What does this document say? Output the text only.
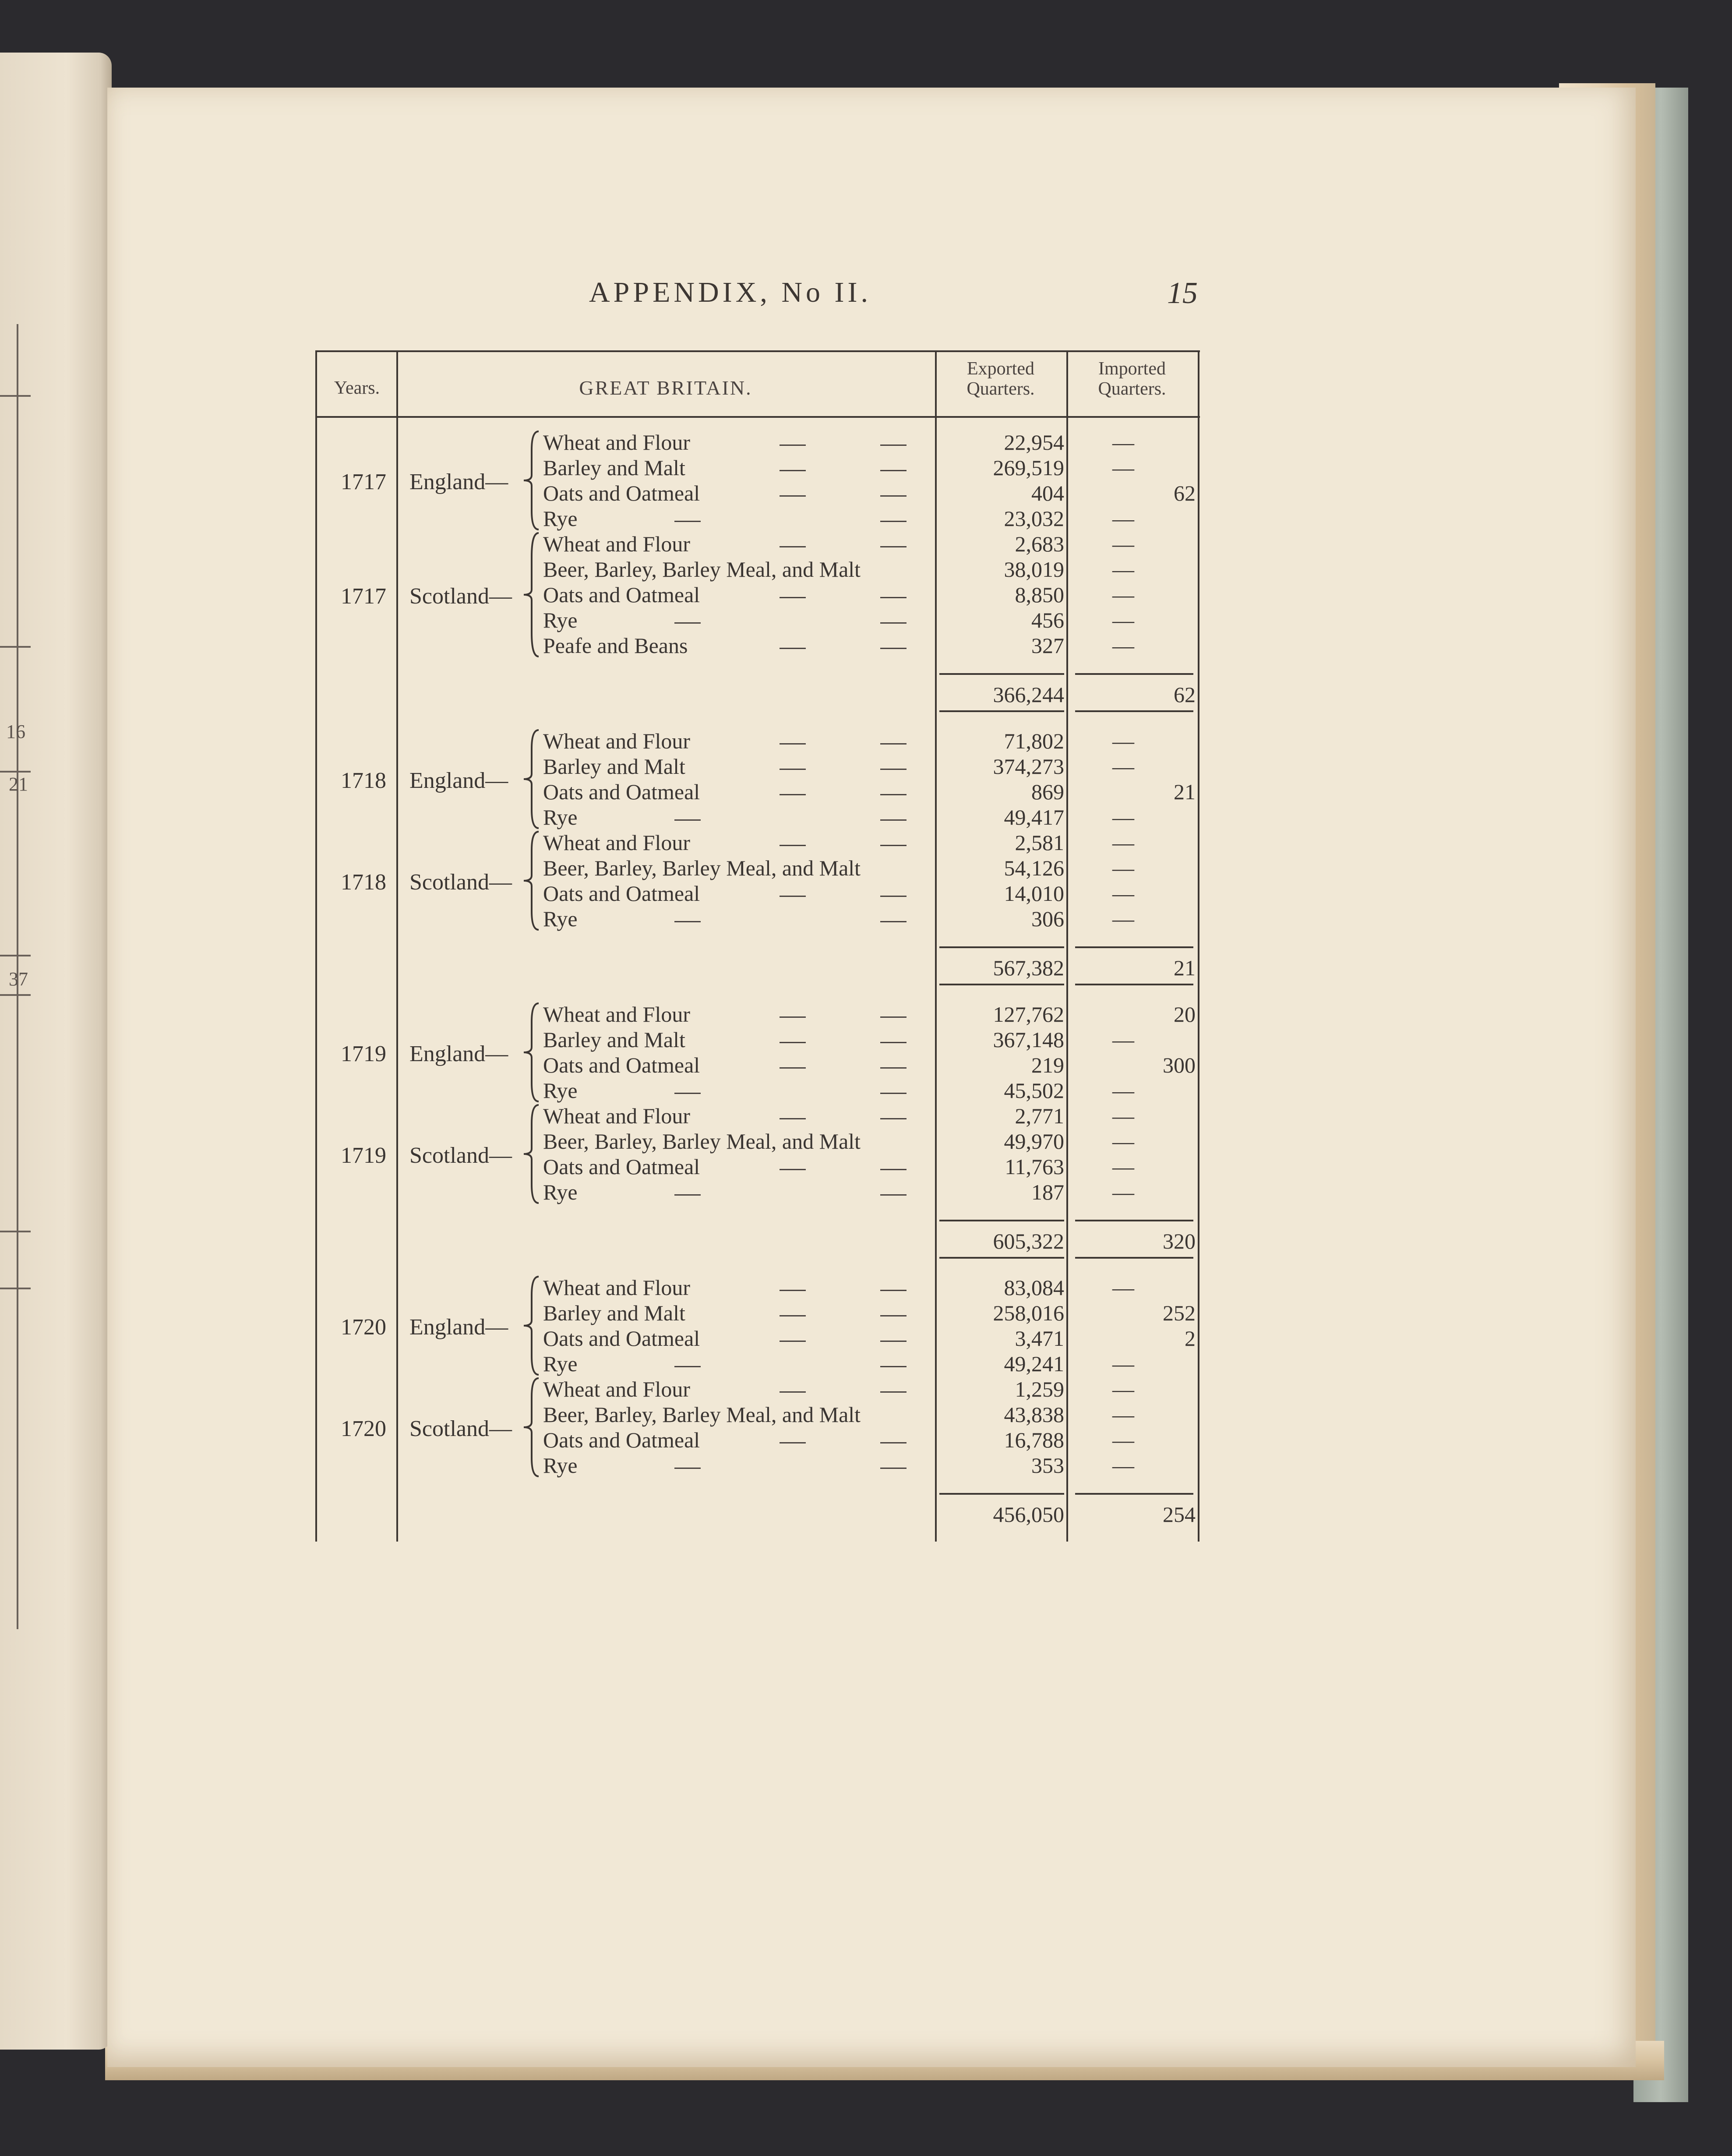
16
21
37
APPENDIX, No II.	15
Years.	GREAT BRITAIN.
Exported
Quarters.
Imported
Quarters.
1717	England—
Wheat and Flour	22,954 —
Barley and Malt	269,519 —
Oats and Oatmeal	404	62
Rye	23,032 —
1717	Scotland—
Wheat and Flour	2,683 —
Beer, Barley, Barley Meal, and Malt	38,019 —
Oats and Oatmeal	8,850 —
Rye	456 —
Peafe and Beans	327 —
366,244	62
1718	England—
Wheat and Flour	71,802 —
Barley and Malt	374,273 —
Oats and Oatmeal	869	21
Rye	49,417 —
1718	Scotland—
Wheat and Flour	2,581 —
Beer, Barley, Barley Meal, and Malt	54,126 —
Oats and Oatmeal	14,010 —
Rye	306 —
567,382	21
1719	England—
Wheat and Flour	127,762	20
Barley and Malt	367,148 —
Oats and Oatmeal	219	300
Rye	45,502 —
1719	Scotland—
Wheat and Flour	2,771 —
Beer, Barley, Barley Meal, and Malt	49,970 —
Oats and Oatmeal	11,763 —
Rye	187 —
605,322	320
1720	England—
Wheat and Flour	83,084 —
Barley and Malt	258,016	252
Oats and Oatmeal	3,471	2
Rye	49,241 —
1720	Scotland—
Wheat and Flour	1,259 —
Beer, Barley, Barley Meal, and Malt	43,838 —
Oats and Oatmeal	16,788 —
Rye	353 —
456,050	254
